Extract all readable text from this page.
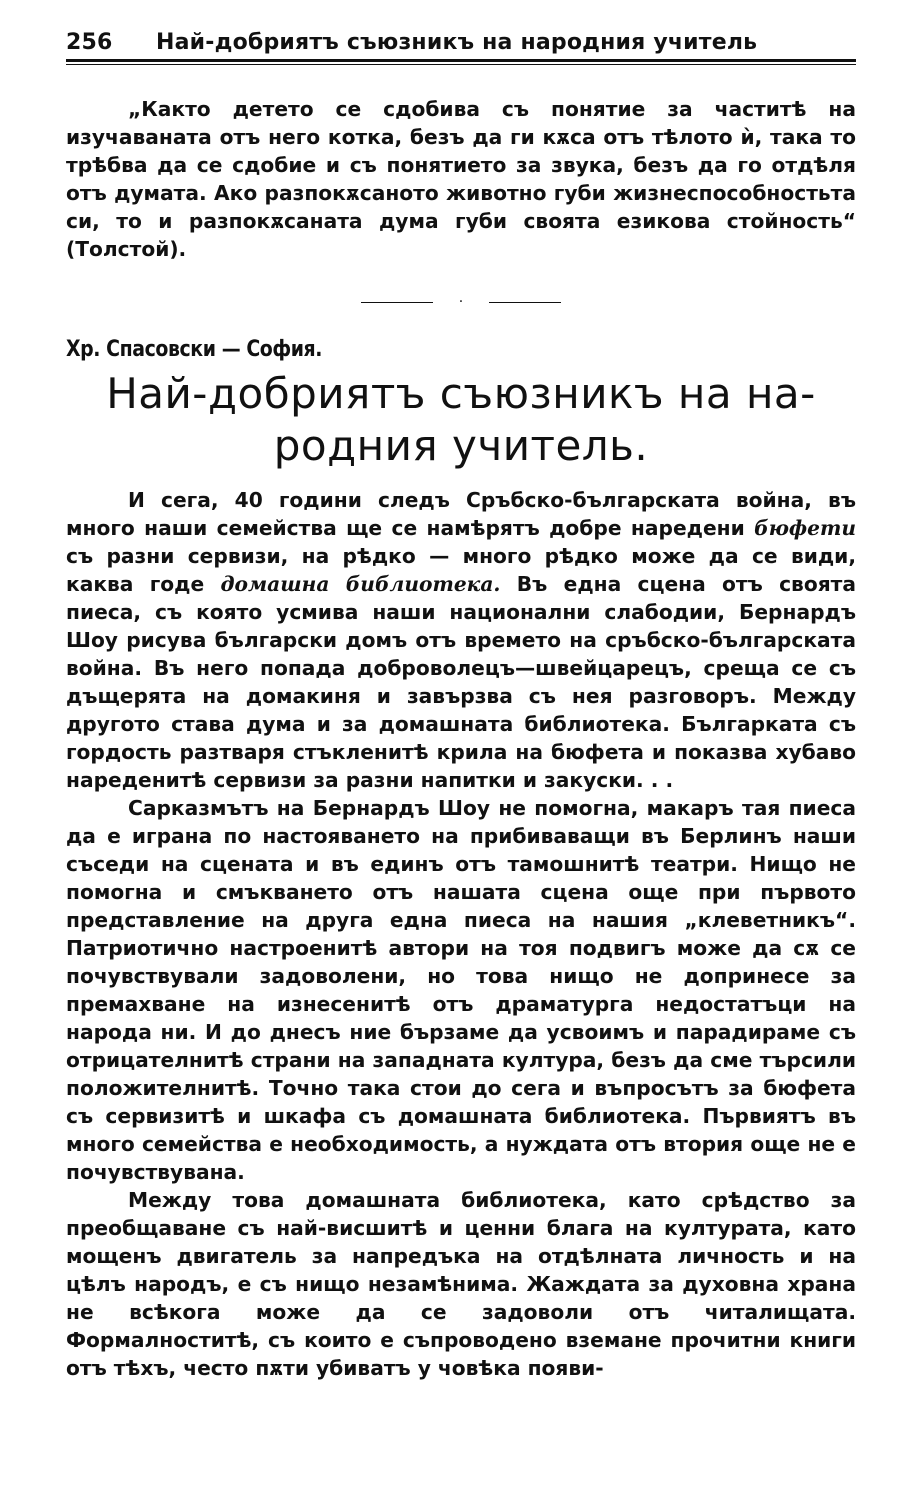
256	Най-добриятъ съюзникъ на народния учитель

„Както детето се сдобива съ понятие за частитѣ на изучаваната отъ него котка, безъ да ги кѫса отъ тѣлото ѝ, така то трѣбва да се сдобие и съ понятието за звука, безъ да го отдѣля отъ думата. Ако разпокѫсаното животно губи жизнеспособностьта си, то и разпокѫсаната дума губи своята езикова стойность“ (Толстой).

·
Хр. Спасовски — София.
Най-добриятъ съюзникъ на на-
родния учитель.

И сега, 40 години следъ Сръбско-българската война, въ много наши семейства ще се намѣрятъ добре наредени бюфети съ разни сервизи, на рѣдко — много рѣдко може да се види, каква годе домашна библиотека. Въ една сцена отъ своята пиеса, съ която усмива наши национални слабодии, Бернардъ Шоу рисува български домъ отъ времето на сръбско-българската война. Въ него попада доброволецъ—швейцарецъ, среща се съ дъщерята на домакиня и завързва съ нея разговоръ. Между другото става дума и за домашната библиотека. Българката съ гордость разтваря стъкленитѣ крила на бюфета и показва хубаво нареденитѣ сервизи за разни напитки и закуски. . .

Сарказмътъ на Бернардъ Шоу не помогна, макаръ тая пиеса да е играна по настояването на прибиваващи въ Берлинъ наши съседи на сцената и въ единъ отъ тамошнитѣ театри. Нищо не помогна и смъкването отъ нашата сцена още при първото представление на друга една пиеса на нашия „клеветникъ“. Патриотично настроенитѣ автори на тоя подвигъ може да сѫ се почувствували задоволени, но това нищо не допринесе за премахване на изнесенитѣ отъ драматурга недостатъци на народа ни. И до днесъ ние бързаме да усвоимъ и парадираме съ отрицателнитѣ страни на западната култура, безъ да сме търсили положителнитѣ. Точно така стои до сега и въпросътъ за бюфета съ сервизитѣ и шкафа съ домашната библиотека. Първиятъ въ много семейства е необходимость, а нуждата отъ втория още не е почувствувана.

Между това домашната библиотека, като срѣдство за преобщаване съ най-висшитѣ и ценни блага на културата, като мощенъ двигатель за напредъка на отдѣлната личность и на цѣлъ народъ, е съ нищо незамѣнима. Жаждата за духовна храна не всѣкога може да се задоволи отъ читалищата. Формалноститѣ, съ които е съпроводено вземане прочитни книги отъ тѣхъ, често пѫти убиватъ у човѣка появи-
